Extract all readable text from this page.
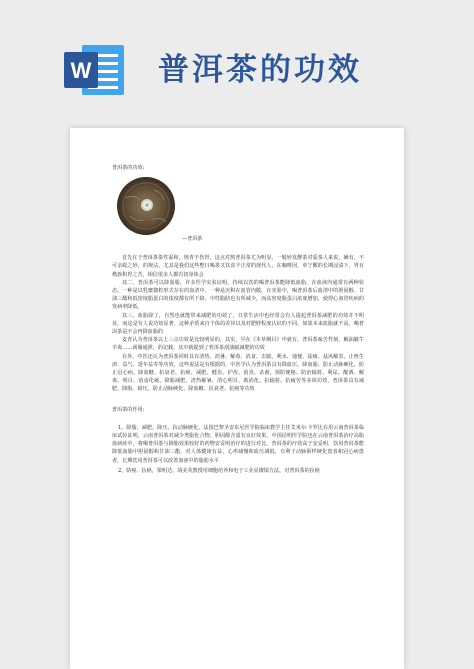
W 普洱茶的功效
普洱茶的功效:
—普洱茶

首先在于普洱茶茶性温和，规青不伤胃，这点对熬普洱茶尤为明显，一般轻发酵茶对爱茶人来说，确有，不可亲绽之妙，的规沾，尤其是我们这些整日喝茶又饮食不正常的现代人，在咖啡因，单宁酸的长期浸渍下，胃有楷族积胃之苦，相信很多人都有切身体会

其二，普洱茶可以降血脂，许多医学实验证明，持续以饮的喝普洱茶能降低血脂，在血液内通常有两种状态，一种是以乳糜微粒形式存在的血清中，一种是沉积在血管内膜，在实验中，喝普洱茶后血清中的胆固醇、甘油三酯和低密度脂蛋白的浓度都有所下降，中性脂肪也有所减少，而高密度脂蛋白浓度增加，使得心血管疾病的发病率降低。

其三，血脂降了，自然也就能带来减肥的功效了，日常生活中也经常会有人提起普洱茶减肥的功效并不明显，而这是有人说功效显著，这种矛盾来自个体的差异以及对肥胖程度认识的不同，如果本来血脂就不高，喝普洱茶是不会再降血脂的

麦青认为普洱茶以上三点功效是比较明显的，其实，早在《本草纲目》中就有，普洱茶味苦性刻，解油腻牛羊毒……刮肠通泄，的记载，其中就提到了普洱茶刮油腻减肥的功效

在外，中医还认为普洱茶同时具有清热、消暑、解毒、消食、去腻、利水、通便、祛痰、祛风解表、止咳生津、益气、延年益寿等功效，这些说法是有根据的，中医学认为普洱茶具有降血压、降血脂、防止动脉硬化、防止冠心病、降血糖、抗衰老、抗癌、减肥、健齿、护齿、消炎、杀菌、预防便秘、防治辐射、利尿、醒酒、解毒、明目、消食化痰、降脂减肥、清热解暑、清心明目、助消化、抗辐射、抗疲劳等多项功效，普洱茶具有减肥、降脂、降压、防止动脉硬化、降血糖、抗衰老、抗癌等功效

普洱茶的作用:

1、降脂、减肥、降压、抗动脉硬化，法国巴黎圣安东尼医学院临床教学主任艾米尔·卡罗比在用云南普洱茶临床试验证明，云南普洱茶对减少类脂化合物、胆固醇含量有良好效果，中国昆明医学院也在云南普洱茶治疗高脂血病症中，将喝普洱茶与降脂效果较好的药物安妥明治疗的进行对比，普洱茶的疗效高于安妥明，饮用普洱茶能降低血脂中胆固醇和甘油三酯，对人体健康有益，心率减慢和血压减低，有利于动脉粥样硬化患者和冠心病患者，长期饮用普洱茶可以改善血液中的脂肪水平

2、防癌、抗癌，梁明达、胡美英教授用细胞培养和电子工业显微镜方法，对普洱茶的抗癌
